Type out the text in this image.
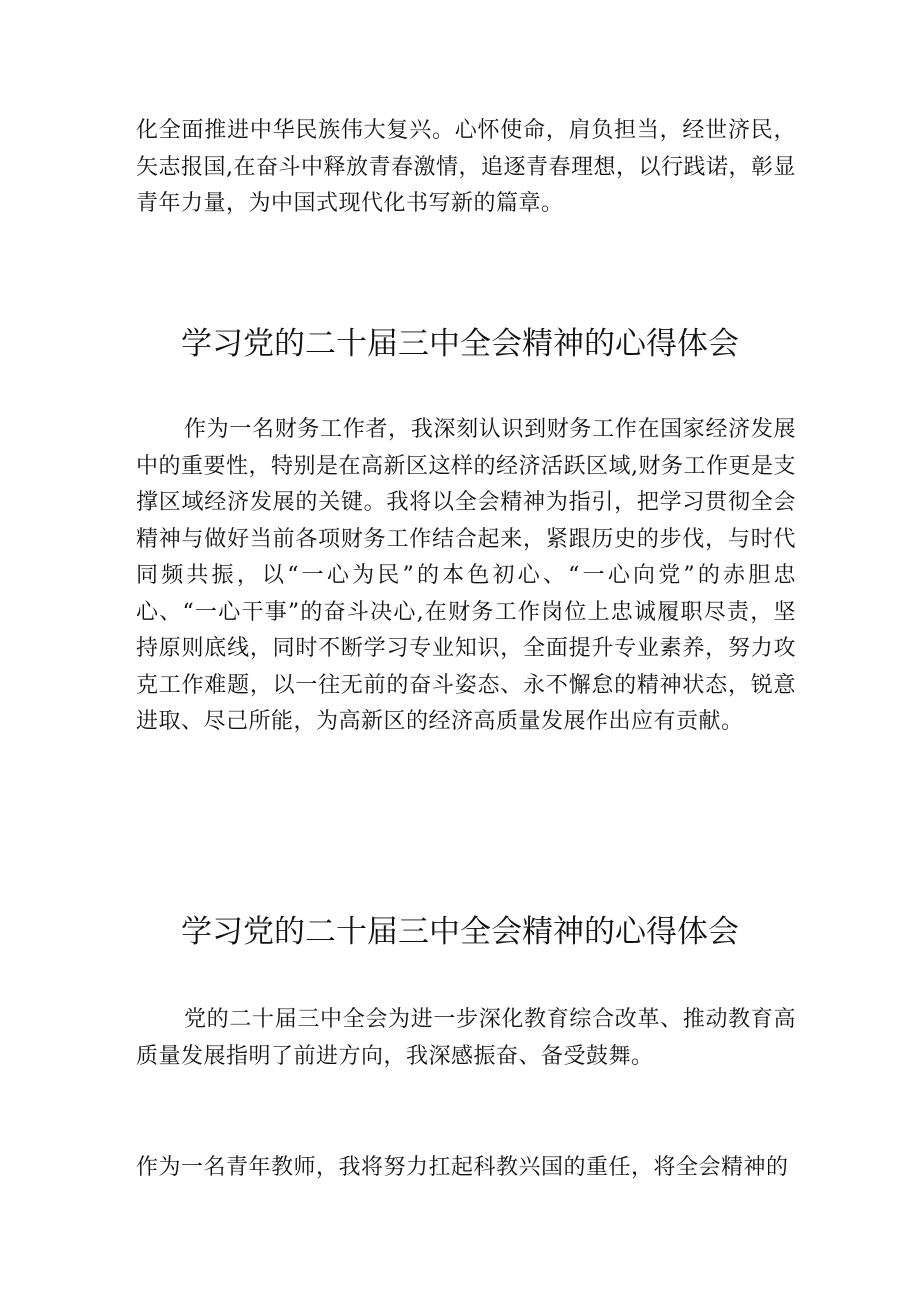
化全面推进中华民族伟大复兴。心怀使命，肩负担当，经世济民，矢志报国,在奋斗中释放青春激情，追逐青春理想，以行践诺，彰显青年力量，为中国式现代化书写新的篇章。

学习党的二十届三中全会精神的心得体会

作为一名财务工作者，我深刻认识到财务工作在国家经济发展中的重要性，特别是在高新区这样的经济活跃区域,财务工作更是支撑区域经济发展的关键。我将以全会精神为指引，把学习贯彻全会精神与做好当前各项财务工作结合起来，紧跟历史的步伐，与时代同频共振，以“一心为民”的本色初心、“一心向党”的赤胆忠心、“一心干事”的奋斗决心,在财务工作岗位上忠诚履职尽责，坚持原则底线，同时不断学习专业知识，全面提升专业素养，努力攻克工作难题，以一往无前的奋斗姿态、永不懈怠的精神状态，锐意进取、尽己所能，为高新区的经济高质量发展作出应有贡献。

学习党的二十届三中全会精神的心得体会

党的二十届三中全会为进一步深化教育综合改革、推动教育高质量发展指明了前进方向，我深感振奋、备受鼓舞。

作为一名青年教师，我将努力扛起科教兴国的重任，将全会精神的
